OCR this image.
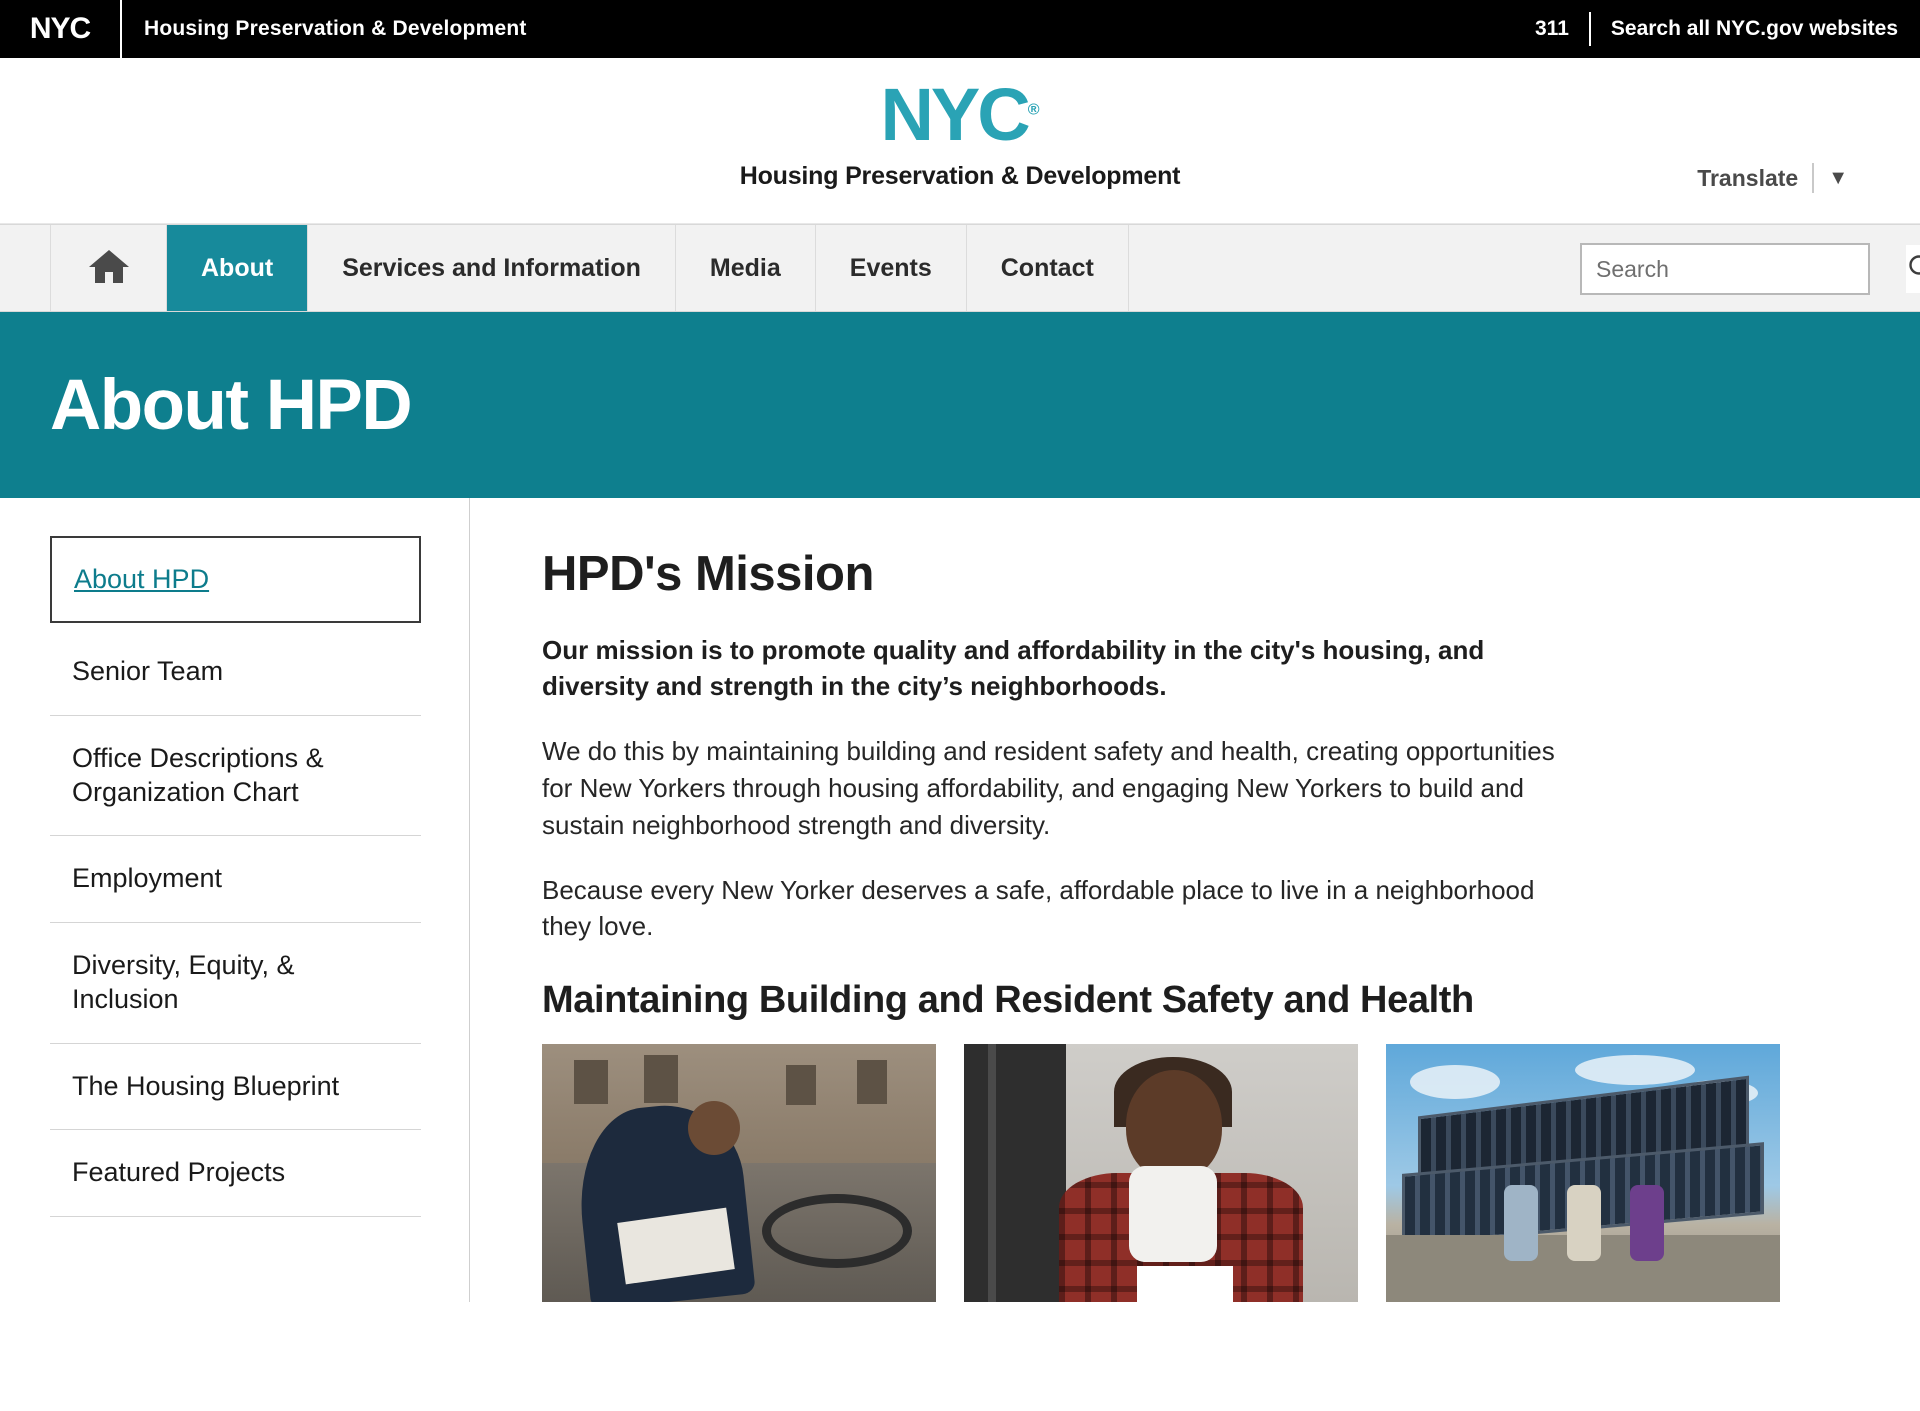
NYC	Housing Preservation & Development	311	Search all NYC.gov websites
NYC®
Housing Preservation & Development	Translate ▼
About	Services and Information	Media	Events	Contact
Search
About HPD
About HPD
Senior Team
Office Descriptions & Organization Chart
Employment
Diversity, Equity, & Inclusion
The Housing Blueprint
Featured Projects
HPD's Mission

Our mission is to promote quality and affordability in the city's housing, and diversity and strength in the city’s neighborhoods.

We do this by maintaining building and resident safety and health, creating opportunities for New Yorkers through housing affordability, and engaging New Yorkers to build and sustain neighborhood strength and diversity.

Because every New Yorker deserves a safe, affordable place to live in a neighborhood they love.

Maintaining Building and Resident Safety and Health
